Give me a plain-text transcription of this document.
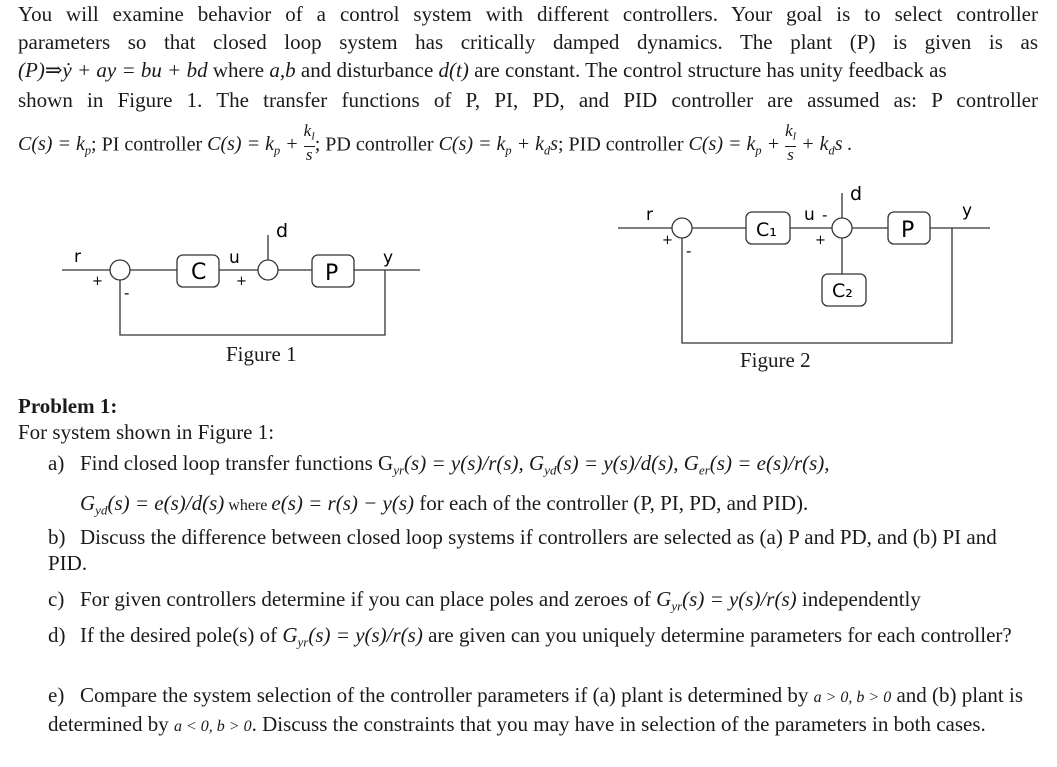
You will examine behavior of a control system with different controllers. Your goal is to select controller
parameters so that closed loop system has critically damped dynamics. The plant (P) is given is as
(P)⇒ẏ + ay = bu + bd where a,b and disturbance d(t) are constant. The control structure has unity feedback as
shown in Figure 1. The transfer functions of P, PI, PD, and PID controller are assumed as: P controller
$C(s) = k_p$; PI controller $C(s) = k_p + \frac{k_I}{s}$ ; PD controller $C(s) = k_p + k_ds$; PID controller $C(s) = k_p + \frac{k_I}{s} + k_ds$ .
r
+
-
C
u
d
+	P
y
Figure 1
r
+
-
C₁
u -
d
+	P
y
C₂
Figure 2
Problem 1:
For system shown in Figure 1:
a) Find closed loop transfer functions $G_{yr}(s) = y(s)/r(s)$, $G_{yd}(s) = y(s)/d(s)$, $G_{er}(s) = e(s)/r(s)$,
$G_{yd}(s) = e(s)/d(s)$ where e(s) = r(s) − y(s) for each of the controller (P, PI, PD, and PID).
b) Discuss the difference between closed loop systems if controllers are selected as (a) P and PD, and (b) PI and PID.
c) For given controllers determine if you can place poles and zeroes of $G_{yr}(s) = y(s)/r(s)$ independently
d) If the desired pole(s) of $G_{yr}(s) = y(s)/r(s)$ are given can you uniquely determine parameters for each controller?
e) Compare the system selection of the controller parameters if (a) plant is determined by a > 0, b > 0 and (b) plant is determined by a < 0, b > 0. Discuss the constraints that you may have in selection of the parameters in both cases.
